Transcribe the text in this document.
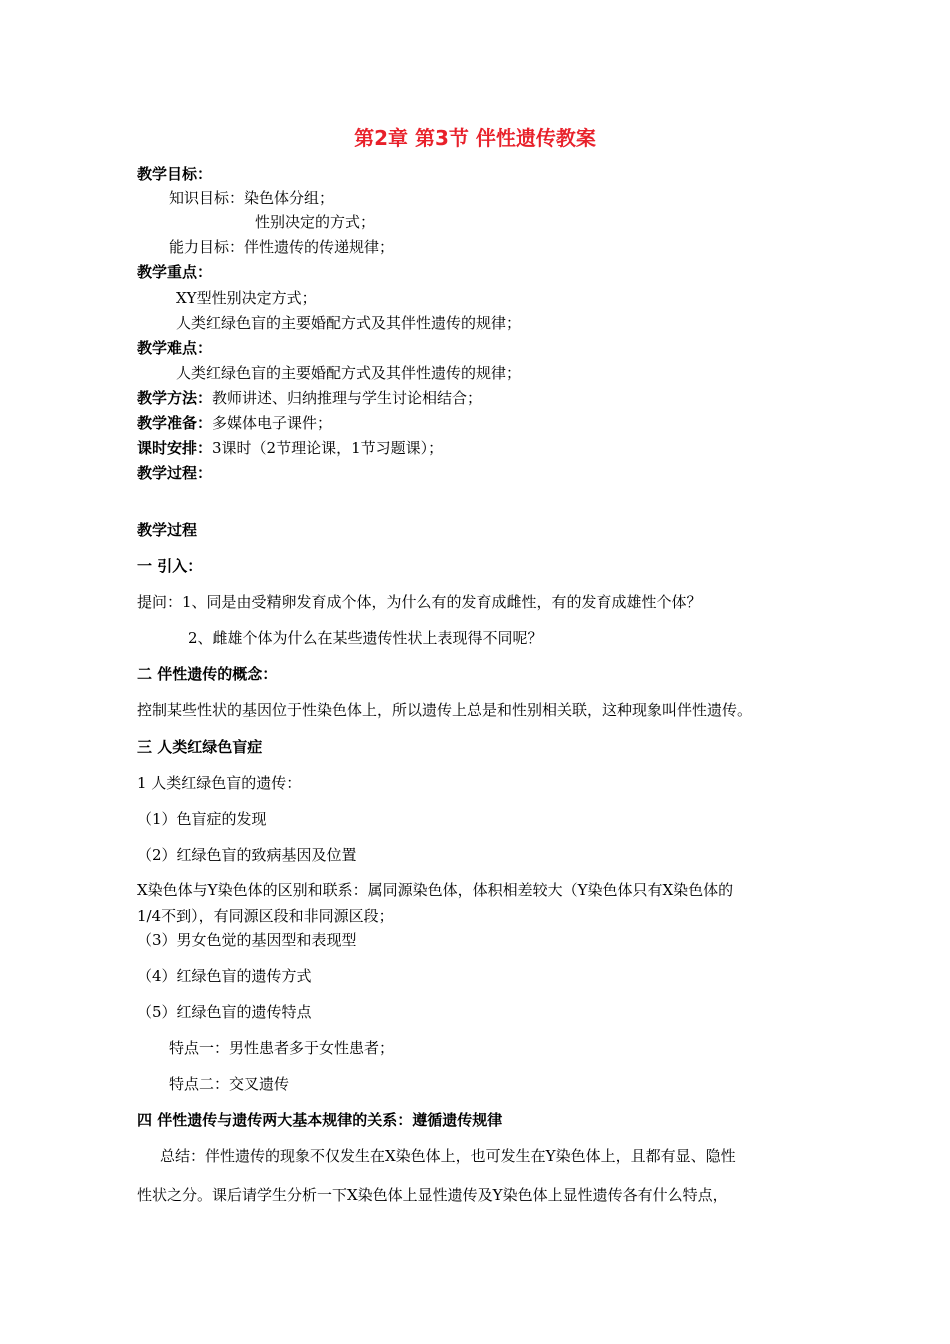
第2章 第3节 伴性遗传教案
教学目标：
知识目标：染色体分组；
性别决定的方式；
能力目标：伴性遗传的传递规律；
教学重点：
XY型性别决定方式；
人类红绿色盲的主要婚配方式及其伴性遗传的规律；
教学难点：
人类红绿色盲的主要婚配方式及其伴性遗传的规律；
教学方法：教师讲述、归纳推理与学生讨论相结合；
教学准备：多媒体电子课件；
课时安排：3课时（2节理论课，1节习题课）；
教学过程：
教学过程
一 引入：
提问：1、同是由受精卵发育成个体，为什么有的发育成雌性，有的发育成雄性个体？
2、雌雄个体为什么在某些遗传性状上表现得不同呢？
二 伴性遗传的概念：
控制某些性状的基因位于性染色体上，所以遗传上总是和性别相关联，这种现象叫伴性遗传。
三 人类红绿色盲症
1 人类红绿色盲的遗传：
（1）色盲症的发现
（2）红绿色盲的致病基因及位置
X染色体与Y染色体的区别和联系：属同源染色体，体积相差较大（Y染色体只有X染色体的
1/4不到），有同源区段和非同源区段；
（3）男女色觉的基因型和表现型
（4）红绿色盲的遗传方式
（5）红绿色盲的遗传特点
特点一：男性患者多于女性患者；
特点二：交叉遗传
四 伴性遗传与遗传两大基本规律的关系：遵循遗传规律
总结：伴性遗传的现象不仅发生在X染色体上，也可发生在Y染色体上，且都有显、隐性
性状之分。课后请学生分析一下X染色体上显性遗传及Y染色体上显性遗传各有什么特点，
